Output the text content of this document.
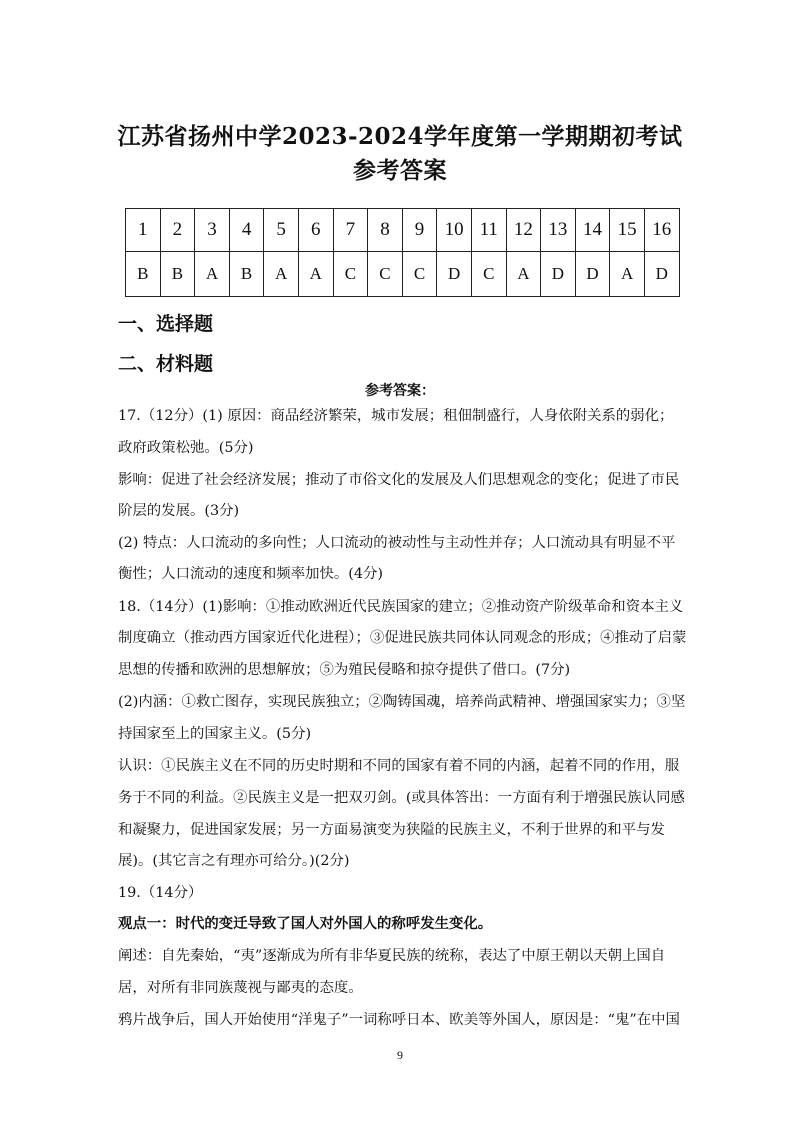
江苏省扬州中学2023-2024学年度第一学期期初考试
参考答案
1	2	3	4	5	6	7	8	9	10	11	12	13	14	15	16
B	B	A	B	A	A	C	C	C	D	C	A	D	D	A	D
一、选择题
二、材料题
参考答案：
17.（12分）(1) 原因：商品经济繁荣，城市发展；租佃制盛行，人身依附关系的弱化；
政府政策松弛。(5分)
影响：促进了社会经济发展；推动了市俗文化的发展及人们思想观念的变化；促进了市民
阶层的发展。(3分)
(2) 特点：人口流动的多向性；人口流动的被动性与主动性并存；人口流动具有明显不平
衡性；人口流动的速度和频率加快。(4分)
18.（14分）(1)影响：①推动欧洲近代民族国家的建立；②推动资产阶级革命和资本主义
制度确立（推动西方国家近代化进程）；③促进民族共同体认同观念的形成；④推动了启蒙
思想的传播和欧洲的思想解放；⑤为殖民侵略和掠夺提供了借口。(7分)
(2)内涵：①救亡图存，实现民族独立；②陶铸国魂，培养尚武精神、增强国家实力；③坚
持国家至上的国家主义。(5分)
认识：①民族主义在不同的历史时期和不同的国家有着不同的内涵，起着不同的作用，服
务于不同的利益。②民族主义是一把双刃剑。(或具体答出：一方面有利于增强民族认同感
和凝聚力，促进国家发展；另一方面易演变为狭隘的民族主义，不利于世界的和平与发
展)。(其它言之有理亦可给分。)(2分)
19.（14分）
观点一：时代的变迁导致了国人对外国人的称呼发生变化。
阐述：自先秦始，“夷”逐渐成为所有非华夏民族的统称，表达了中原王朝以天朝上国自
居，对所有非同族蔑视与鄙夷的态度。
鸦片战争后，国人开始使用“洋鬼子”一词称呼日本、欧美等外国人，原因是：“鬼”在中国
9
